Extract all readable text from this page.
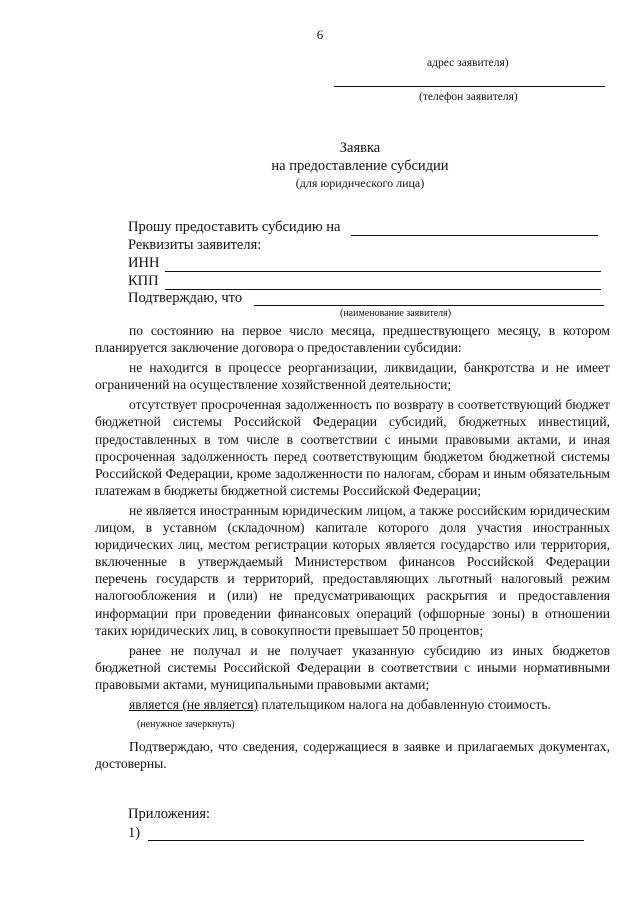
6
адрес заявителя)
(телефон заявителя)
Заявка
на предоставление субсидии
(для юридического лица)
Прошу предоставить субсидию на
Реквизиты заявителя:
ИНН
КПП
Подтверждаю, что
(наименование заявителя)

по состоянию на первое число месяца, предшествующего месяцу, в котором планируется заключение договора о предоставлении субсидии:

не находится в процессе реорганизации, ликвидации, банкротства и не имеет ограничений на осуществление хозяйственной деятельности;

отсутствует просроченная задолженность по возврату в соответствующий бюджет бюджетной системы Российской Федерации субсидий, бюджетных инвестиций, предоставленных в том числе в соответствии с иными правовыми актами, и иная просроченная задолженность перед соответствующим бюджетом бюджетной системы Российской Федерации, кроме задолженности по налогам, сборам и иным обязательным платежам в бюджеты бюджетной системы Российской Федерации;

не является иностранным юридическим лицом, а также российским юридическим лицом, в уставном (складочном) капитале которого доля участия иностранных юридических лиц, местом регистрации которых является государство или территория, включенные в утверждаемый Министерством финансов Российской Федерации перечень государств и территорий, предоставляющих льготный налоговый режим налогообложения и (или) не предусматривающих раскрытия и предоставления информации при проведении финансовых операций (офшорные зоны) в отношении таких юридических лиц, в совокупности превышает 50 процентов;

ранее не получал и не получает указанную субсидию из иных бюджетов бюджетной системы Российской Федерации в соответствии с иными нормативными правовыми актами, муниципальными правовыми актами;

является (не является) плательщиком налога на добавленную стоимость.

(ненужное зачеркнуть)

Подтверждаю, что сведения, содержащиеся в заявке и прилагаемых документах, достоверны.

Приложения:
1)
